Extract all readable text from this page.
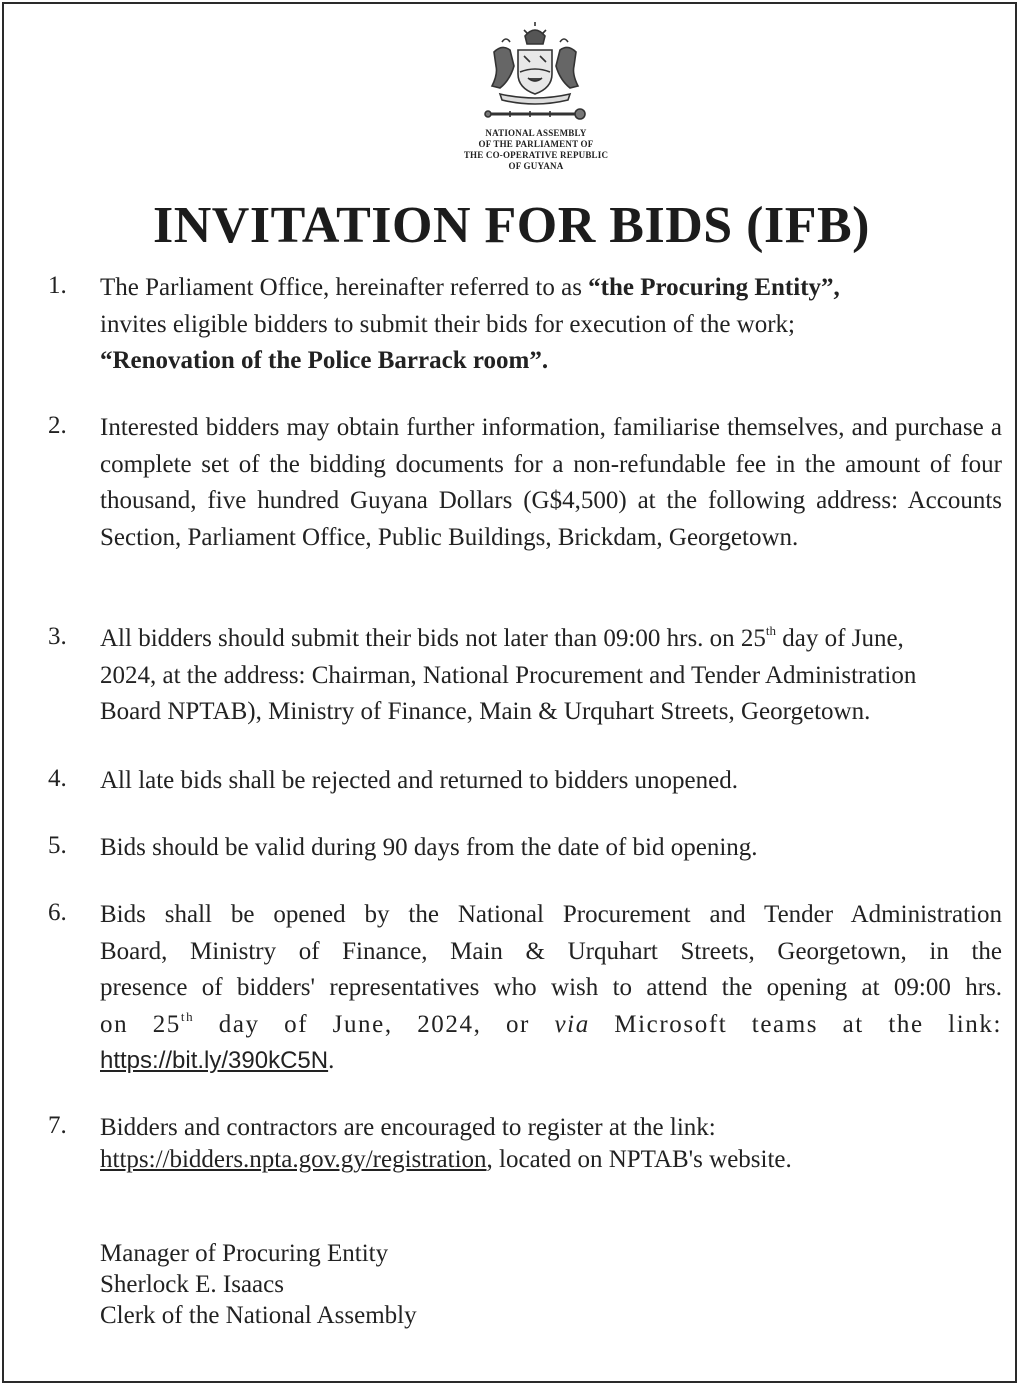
NATIONAL ASSEMBLY
OF THE PARLIAMENT OF
THE CO-OPERATIVE REPUBLIC
OF GUYANA
INVITATION FOR BIDS (IFB)
1. The Parliament Office, hereinafter referred to as “the Procuring Entity”,
invites eligible bidders to submit their bids for execution of the work;
“Renovation of the Police Barrack room”.
2. Interested bidders may obtain further information, familiarise themselves, and purchase a complete set of the bidding documents for a non-refundable fee in the amount of four thousand, five hundred Guyana Dollars (G$4,500) at the following address: Accounts Section, Parliament Office, Public Buildings, Brickdam, Georgetown.
3. All bidders should submit their bids not later than 09:00 hrs. on 25th day of June,
2024, at the address: Chairman, National Procurement and Tender Administration
Board NPTAB), Ministry of Finance, Main & Urquhart Streets, Georgetown.
4. All late bids shall be rejected and returned to bidders unopened.
5. Bids should be valid during 90 days from the date of bid opening.
6. Bids shall be opened by the National Procurement and Tender Administration
Board, Ministry of Finance, Main & Urquhart Streets, Georgetown, in the
presence of bidders' representatives who wish to attend the opening at 09:00 hrs.
on 25th day of June, 2024, or via Microsoft teams at the link:
https://bit.ly/390kC5N.
7. Bidders and contractors are encouraged to register at the link:
https://bidders.npta.gov.gy/registration, located on NPTAB's website.
Manager of Procuring Entity
Sherlock E. Isaacs
Clerk of the National Assembly
